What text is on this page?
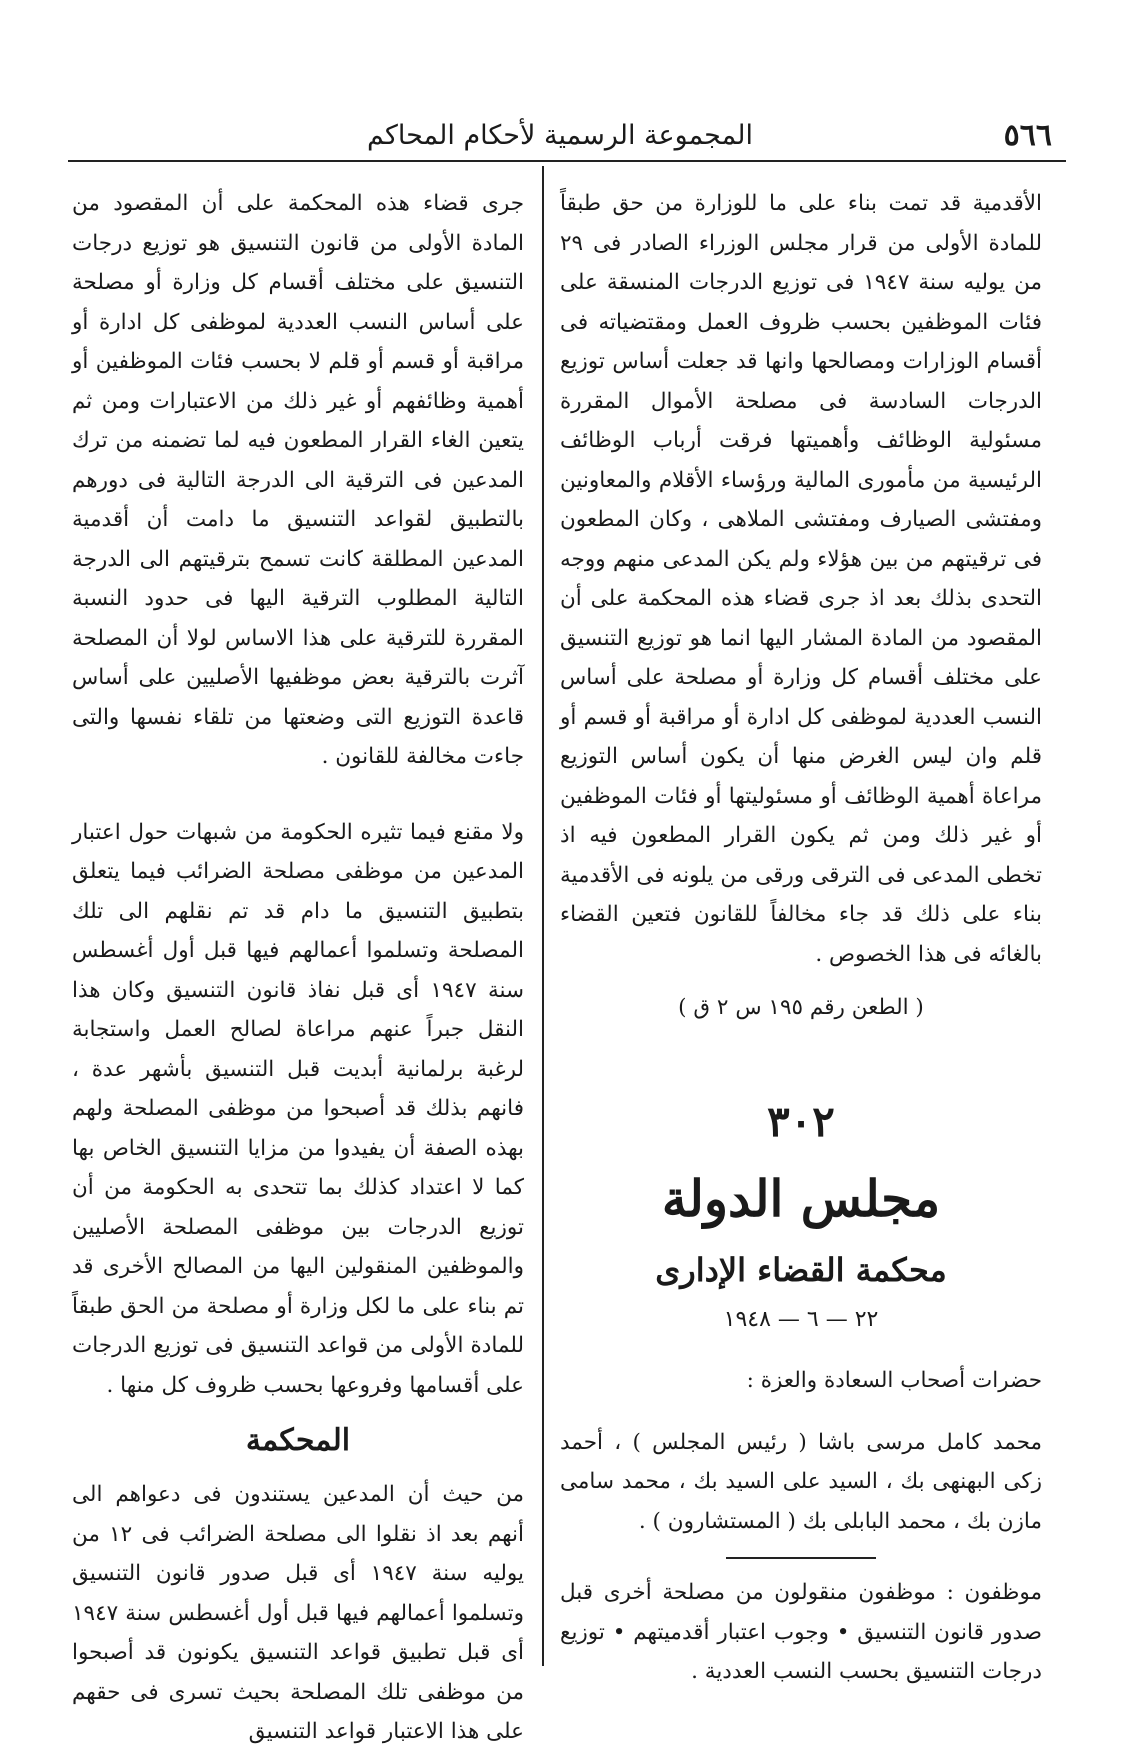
٥٦٦
المجموعة الرسمية لأحكام المحاكم

الأقدمية قد تمت بناء على ما للوزارة من حق طبقاً للمادة الأولى من قرار مجلس الوزراء الصادر فى ٢٩ من يوليه سنة ١٩٤٧ فى توزيع الدرجات المنسقة على فئات الموظفين بحسب ظروف العمل ومقتضياته فى أقسام الوزارات ومصالحها وانها قد جعلت أساس توزيع الدرجات السادسة فى مصلحة الأموال المقررة مسئولية الوظائف وأهميتها فرقت أرباب الوظائف الرئيسية من مأمورى المالية ورؤساء الأقلام والمعاونين ومفتشى الصيارف ومفتشى الملاهى ، وكان المطعون فى ترقيتهم من بين هؤلاء ولم يكن المدعى منهم ووجه التحدى بذلك بعد اذ جرى قضاء هذه المحكمة على أن المقصود من المادة المشار اليها انما هو توزيع التنسيق على مختلف أقسام كل وزارة أو مصلحة على أساس النسب العددية لموظفى كل ادارة أو مراقبة أو قسم أو قلم وان ليس الغرض منها أن يكون أساس التوزيع مراعاة أهمية الوظائف أو مسئوليتها أو فئات الموظفين أو غير ذلك ومن ثم يكون القرار المطعون فيه اذ تخطى المدعى فى الترقى ورقى من يلونه فى الأقدمية بناء على ذلك قد جاء مخالفاً للقانون فتعين القضاء بالغائه فى هذا الخصوص .

( الطعن رقم ١٩٥ س ٢ ق )
٣٠٢
مجلس الدولة
محكمة القضاء الإدارى
٢٢ — ٦ — ١٩٤٨

حضرات أصحاب السعادة والعزة :

محمد كامل مرسى باشا ( رئيس المجلس ) ، أحمد زكى البهنهى بك ، السيد على السيد بك ، محمد سامى مازن بك ، محمد البابلى بك ( المستشارون ) .

موظفون : موظفون منقولون من مصلحة أخرى قبل صدور قانون التنسيق • وجوب اعتبار أقدميتهم • توزيع درجات التنسيق بحسب النسب العددية .

جرى قضاء هذه المحكمة على أن المقصود من المادة الأولى من قانون التنسيق هو توزيع درجات التنسيق على مختلف أقسام كل وزارة أو مصلحة على أساس النسب العددية لموظفى كل ادارة أو مراقبة أو قسم أو قلم لا بحسب فئات الموظفين أو أهمية وظائفهم أو غير ذلك من الاعتبارات ومن ثم يتعين الغاء القرار المطعون فيه لما تضمنه من ترك المدعين فى الترقية الى الدرجة التالية فى دورهم بالتطبيق لقواعد التنسيق ما دامت أن أقدمية المدعين المطلقة كانت تسمح بترقيتهم الى الدرجة التالية المطلوب الترقية اليها فى حدود النسبة المقررة للترقية على هذا الاساس لولا أن المصلحة آثرت بالترقية بعض موظفيها الأصليين على أساس قاعدة التوزيع التى وضعتها من تلقاء نفسها والتى جاءت مخالفة للقانون .

ولا مقنع فيما تثيره الحكومة من شبهات حول اعتبار المدعين من موظفى مصلحة الضرائب فيما يتعلق بتطبيق التنسيق ما دام قد تم نقلهم الى تلك المصلحة وتسلموا أعمالهم فيها قبل أول أغسطس سنة ١٩٤٧ أى قبل نفاذ قانون التنسيق وكان هذا النقل جبراً عنهم مراعاة لصالح العمل واستجابة لرغبة برلمانية أبديت قبل التنسيق بأشهر عدة ، فانهم بذلك قد أصبحوا من موظفى المصلحة ولهم بهذه الصفة أن يفيدوا من مزايا التنسيق الخاص بها كما لا اعتداد كذلك بما تتحدى به الحكومة من أن توزيع الدرجات بين موظفى المصلحة الأصليين والموظفين المنقولين اليها من المصالح الأخرى قد تم بناء على ما لكل وزارة أو مصلحة من الحق طبقاً للمادة الأولى من قواعد التنسيق فى توزيع الدرجات على أقسامها وفروعها بحسب ظروف كل منها .

المحكمة

من حيث أن المدعين يستندون فى دعواهم الى أنهم بعد اذ نقلوا الى مصلحة الضرائب فى ١٢ من يوليه سنة ١٩٤٧ أى قبل صدور قانون التنسيق وتسلموا أعمالهم فيها قبل أول أغسطس سنة ١٩٤٧ أى قبل تطبيق قواعد التنسيق يكونون قد أصبحوا من موظفى تلك المصلحة بحيث تسرى فى حقهم على هذا الاعتبار قواعد التنسيق
